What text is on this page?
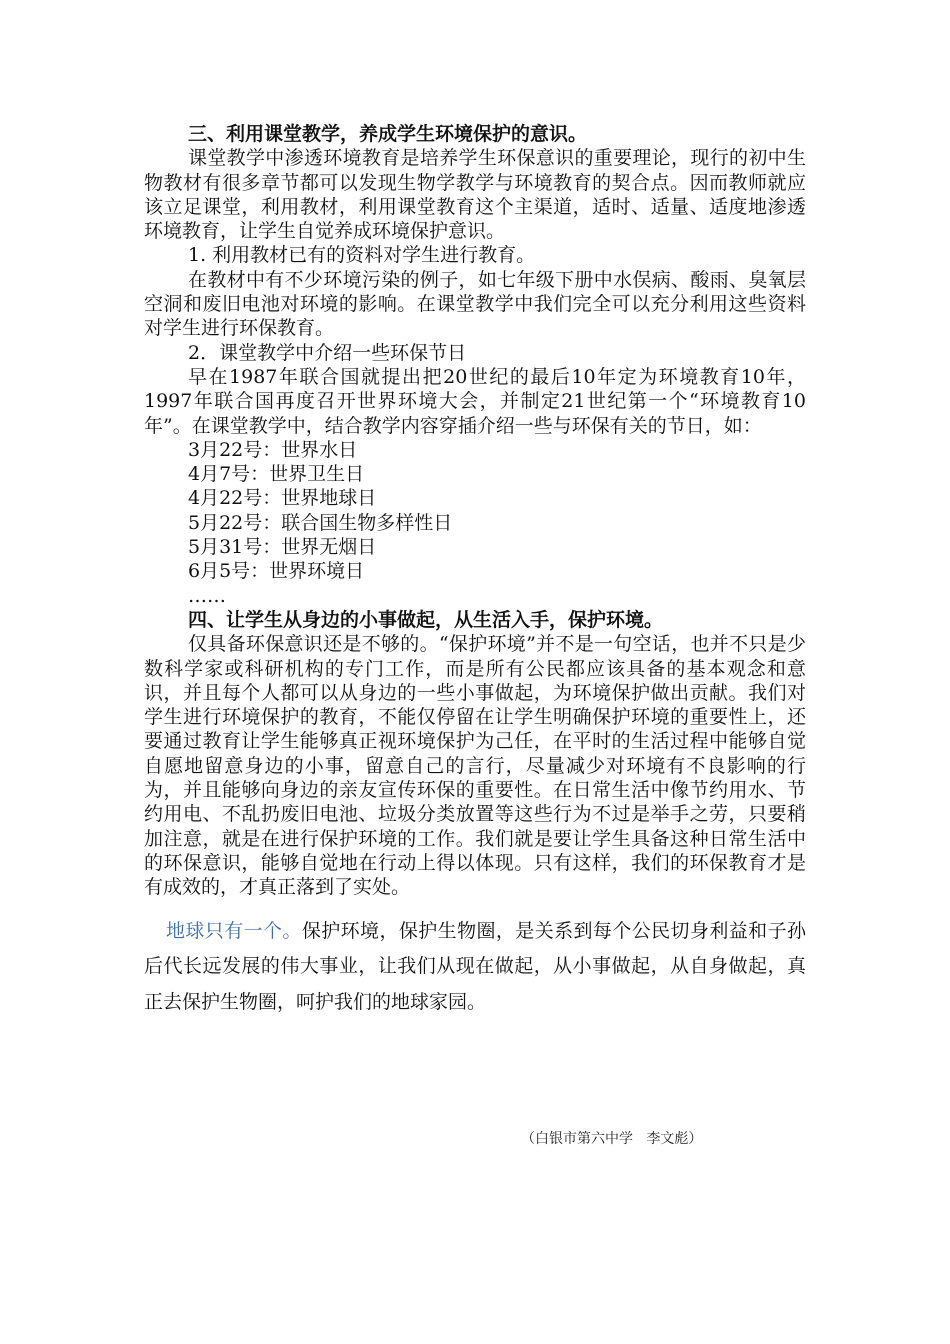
三、利用课堂教学，养成学生环境保护的意识。

课堂教学中渗透环境教育是培养学生环保意识的重要理论，现行的初中生物教材有很多章节都可以发现生物学教学与环境教育的契合点。因而教师就应该立足课堂，利用教材，利用课堂教育这个主渠道，适时、适量、适度地渗透环境教育，让学生自觉养成环境保护意识。

1. 利用教材已有的资料对学生进行教育。

在教材中有不少环境污染的例子，如七年级下册中水俣病、酸雨、臭氧层空洞和废旧电池对环境的影响。在课堂教学中我们完全可以充分利用这些资料对学生进行环保教育。

2．课堂教学中介绍一些环保节日

早在1987年联合国就提出把20世纪的最后10年定为环境教育10年，1997年联合国再度召开世界环境大会，并制定21世纪第一个“环境教育10年”。在课堂教学中，结合教学内容穿插介绍一些与环保有关的节日，如：

3月22号：世界水日

4月7号：世界卫生日

4月22号：世界地球日

5月22号：联合国生物多样性日

5月31号：世界无烟日

6月5号：世界环境日

……

四、让学生从身边的小事做起，从生活入手，保护环境。

仅具备环保意识还是不够的。“保护环境”并不是一句空话，也并不只是少数科学家或科研机构的专门工作，而是所有公民都应该具备的基本观念和意识，并且每个人都可以从身边的一些小事做起，为环境保护做出贡献。我们对学生进行环境保护的教育，不能仅停留在让学生明确保护环境的重要性上，还要通过教育让学生能够真正视环境保护为己任，在平时的生活过程中能够自觉自愿地留意身边的小事，留意自己的言行，尽量减少对环境有不良影响的行为，并且能够向身边的亲友宣传环保的重要性。在日常生活中像节约用水、节约用电、不乱扔废旧电池、垃圾分类放置等这些行为不过是举手之劳，只要稍加注意，就是在进行保护环境的工作。我们就是要让学生具备这种日常生活中的环保意识，能够自觉地在行动上得以体现。只有这样，我们的环保教育才是有成效的，才真正落到了实处。

地球只有一个。保护环境，保护生物圈，是关系到每个公民切身利益和子孙后代长远发展的伟大事业，让我们从现在做起，从小事做起，从自身做起，真正去保护生物圈，呵护我们的地球家园。

（白银市第六中学   李文彪）
